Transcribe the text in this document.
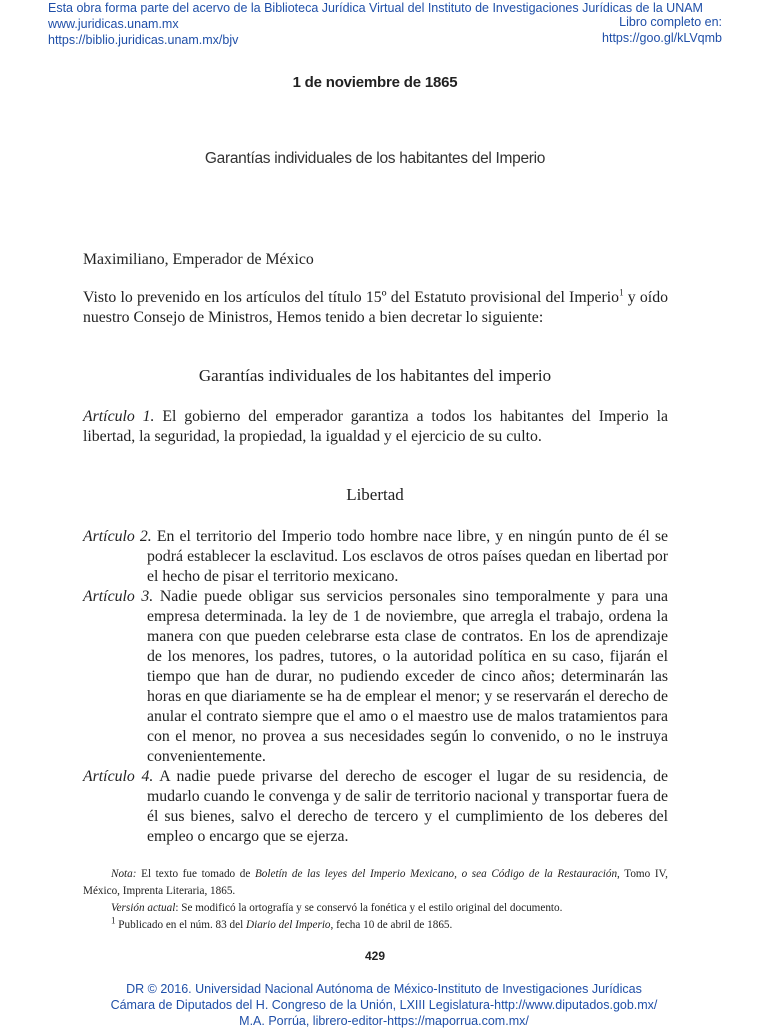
Esta obra forma parte del acervo de la Biblioteca Jurídica Virtual del Instituto de Investigaciones Jurídicas de la UNAM
www.juridicas.unam.mx
https://biblio.juridicas.unam.mx/bjv
Libro completo en:
https://goo.gl/kLVqmb
1 de noviembre de 1865
Garantías individuales de los habitantes del Imperio
Maximiliano, Emperador de México
Visto lo prevenido en los artículos del título 15º del Estatuto provisional del Imperio$^1$ y oído nuestro Consejo de Ministros, Hemos tenido a bien decretar lo siguiente:
Garantías individuales de los habitantes del imperio
Artículo 1. El gobierno del emperador garantiza a todos los habitantes del Imperio la libertad, la seguridad, la propiedad, la igualdad y el ejercicio de su culto.
Libertad
Artículo 2. En el territorio del Imperio todo hombre nace libre, y en ningún punto de él se podrá establecer la esclavitud. Los esclavos de otros países quedan en libertad por el hecho de pisar el territorio mexicano.
Artículo 3. Nadie puede obligar sus servicios personales sino temporalmente y para una empresa determinada. la ley de 1 de noviembre, que arregla el trabajo, ordena la manera con que pueden celebrarse esta clase de contratos. En los de aprendizaje de los menores, los padres, tutores, o la autoridad política en su caso, fijarán el tiempo que han de durar, no pudiendo exceder de cinco años; determinarán las horas en que diariamente se ha de emplear el menor; y se reservarán el derecho de anular el contrato siempre que el amo o el maestro use de malos tratamientos para con el menor, no provea a sus necesidades según lo convenido, o no le instruya convenientemente.
Artículo 4. A nadie puede privarse del derecho de escoger el lugar de su residencia, de mudarlo cuando le convenga y de salir de territorio nacional y transportar fuera de él sus bienes, salvo el derecho de tercero y el cumplimiento de los deberes del empleo o encargo que se ejerza.
Nota: El texto fue tomado de Boletín de las leyes del Imperio Mexicano, o sea Código de la Restauración, Tomo IV, México, Imprenta Literaria, 1865.
Versión actual: Se modificó la ortografía y se conservó la fonética y el estilo original del documento.
$^1$ Publicado en el núm. 83 del Diario del Imperio, fecha 10 de abril de 1865.
429
DR © 2016. Universidad Nacional Autónoma de México-Instituto de Investigaciones Jurídicas
Cámara de Diputados del H. Congreso de la Unión, LXIII Legislatura-http://www.diputados.gob.mx/
M.A. Porrúa, librero-editor-https://maporrua.com.mx/
